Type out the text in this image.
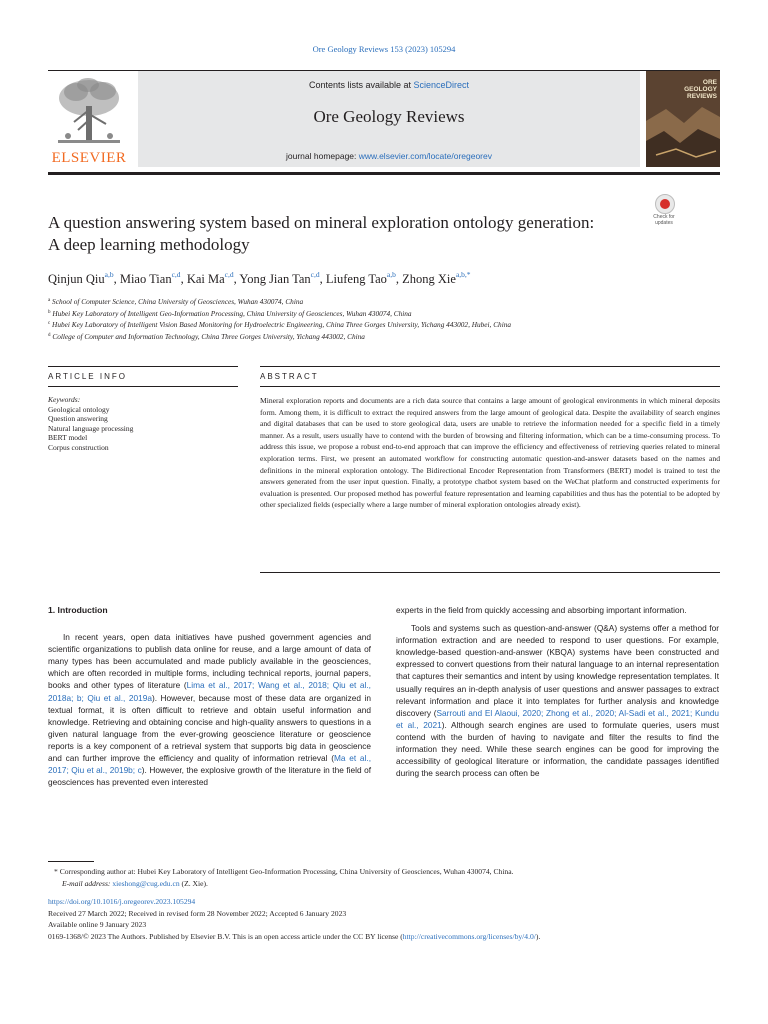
Ore Geology Reviews 153 (2023) 105294
ELSEVIER
Contents lists available at ScienceDirect
Ore Geology Reviews
journal homepage: www.elsevier.com/locate/oregeorev
ORE GEOLOGY REVIEWS
A question answering system based on mineral exploration ontology generation: A deep learning methodology
Check for updates
Qinjun Qiu$^{a,b}$, Miao Tian$^{c,d}$, Kai Ma$^{c,d}$, Yong Jian Tan$^{c,d}$, Liufeng Tao$^{a,b}$, Zhong Xie$^{a,b,*}$
$^a$ School of Computer Science, China University of Geosciences, Wuhan 430074, China
$^b$ Hubei Key Laboratory of Intelligent Geo-Information Processing, China University of Geosciences, Wuhan 430074, China
$^c$ Hubei Key Laboratory of Intelligent Vision Based Monitoring for Hydroelectric Engineering, China Three Gorges University, Yichang 443002, Hubei, China
$^d$ College of Computer and Information Technology, China Three Gorges University, Yichang 443002, China
ARTICLE INFO	ABSTRACT
Keywords:
Geological ontology
Question answering
Natural language processing
BERT model
Corpus construction
Mineral exploration reports and documents are a rich data source that contains a large amount of geological environments in which mineral deposits form. Among them, it is difficult to extract the required answers from the large amount of geological data. Despite the availability of search engines and digital databases that can be used to store geological data, users are unable to retrieve the information needed for a specific field in a timely manner. As a result, users usually have to contend with the burden of browsing and filtering information, which can be a time-consuming process. To address this issue, we propose a robust end-to-end approach that can improve the efficiency and effectiveness of retrieving queries related to mineral exploration terms. First, we present an automated workflow for constructing automatic question-and-answer datasets based on the names and definitions in the mineral exploration ontology. The Bidirectional Encoder Representation from Transformers (BERT) model is trained to test the answers generated from the user input question. Finally, a prototype chatbot system based on the WeChat platform and constructed experiments for evaluation is presented. Our proposed method has powerful feature representation and learning capabilities and thus has the potential to be adopted by other specialized fields (especially where a large number of mineral exploration ontologies already exist).
1. Introduction

In recent years, open data initiatives have pushed government agencies and scientific organizations to publish data online for reuse, and a large amount of data of many types has been accumulated and made publicly available in the geosciences, which are often recorded in multiple forms, including technical reports, journal papers, books and other types of literature (Lima et al., 2017; Wang et al., 2018; Qiu et al., 2018a; b; Qiu et al., 2019a). However, because most of these data are organized in textual format, it is often difficult to retrieve and obtain useful information and knowledge. Retrieving and obtaining concise and high-quality answers to questions in a given natural language from the ever-growing geoscience literature or geoscience reports is a key component of a retrieval system that supports big data in geoscience and can further improve the efficiency and quality of information retrieval (Ma et al., 2017; Qiu et al., 2019b; c). However, the explosive growth of the literature in the field of geosciences has prevented even interested

experts in the field from quickly accessing and absorbing important information.

Tools and systems such as question-and-answer (Q&A) systems offer a method for information extraction and are needed to respond to user questions. For example, knowledge-based question-and-answer (KBQA) systems have been constructed and expressed to convert questions from their natural language to an internal representation that captures their semantics and intent by using knowledge representation templates. It usually requires an in-depth analysis of user questions and answer passages to extract relevant information and place it into templates for further analysis and knowledge discovery (Sarrouti and El Alaoui, 2020; Zhong et al., 2020; Al-Sadi et al., 2021; Kundu et al., 2021). Although search engines are used to formulate queries, users must contend with the burden of having to navigate and filter the results to find the information they need. While these search engines can be good for improving the accessibility of geological literature or information, the candidate passages identified during the search process can often be

* Corresponding author at: Hubei Key Laboratory of Intelligent Geo-Information Processing, China University of Geosciences, Wuhan 430074, China.
E-mail address: xieshong@cug.edu.cn (Z. Xie).
https://doi.org/10.1016/j.oregeorev.2023.105294
Received 27 March 2022; Received in revised form 28 November 2022; Accepted 6 January 2023
Available online 9 January 2023
0169-1368/© 2023 The Authors. Published by Elsevier B.V. This is an open access article under the CC BY license (http://creativecommons.org/licenses/by/4.0/).
